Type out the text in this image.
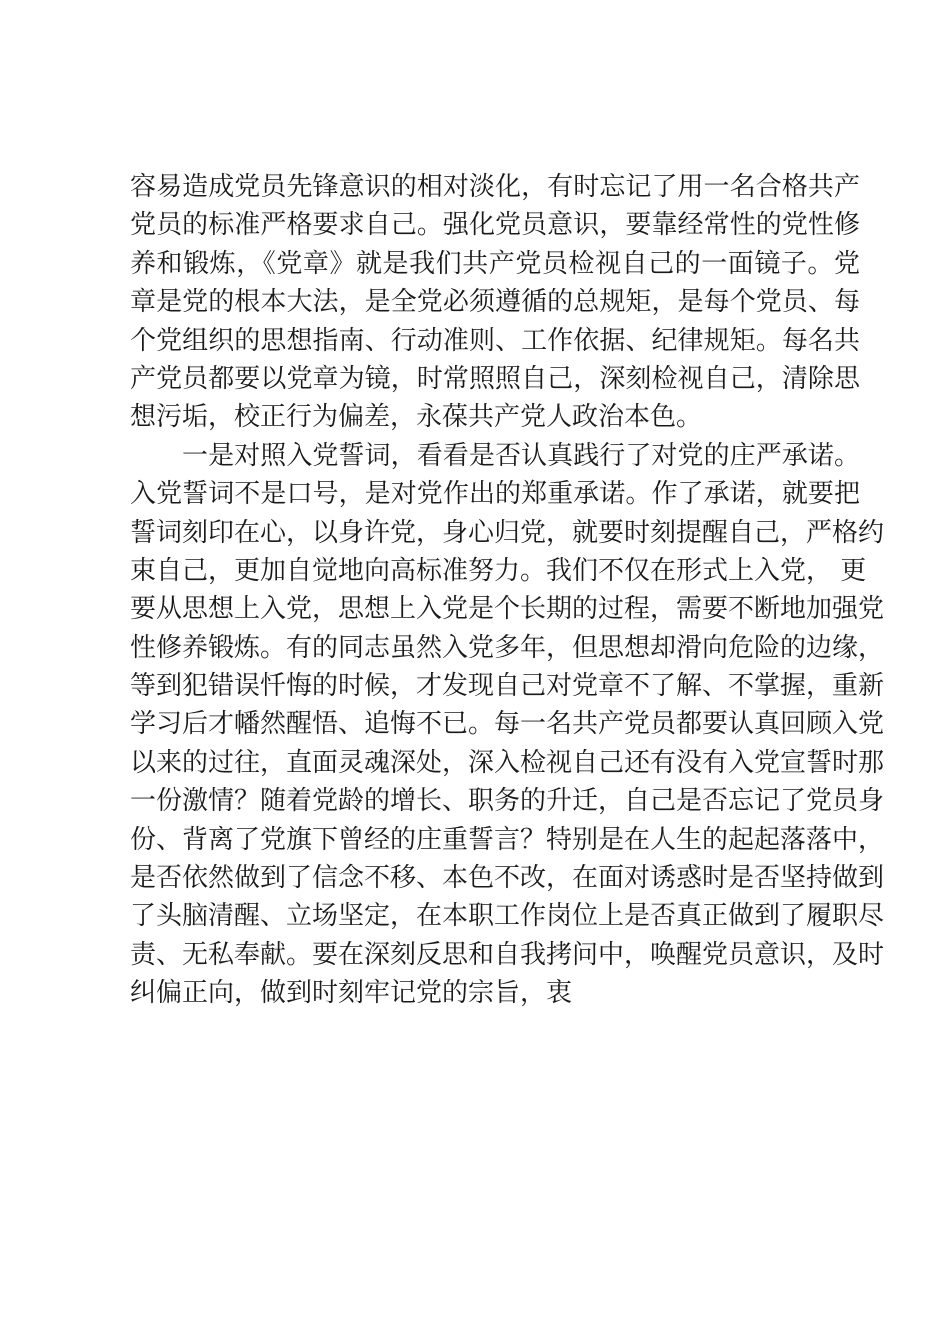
容易造成党员先锋意识的相对淡化，有时忘记了用一名合格共产
党员的标准严格要求自己。强化党员意识，要靠经常性的党性修
养和锻炼，《党章》就是我们共产党员检视自己的一面镜子。党
章是党的根本大法，是全党必须遵循的总规矩，是每个党员、每
个党组织的思想指南、行动准则、工作依据、纪律规矩。每名共
产党员都要以党章为镜，时常照照自己，深刻检视自己，清除思
想污垢，校正行为偏差，永葆共产党人政治本色。
一是对照入党誓词，看看是否认真践行了对党的庄严承诺。
入党誓词不是口号，是对党作出的郑重承诺。作了承诺，就要把
誓词刻印在心，以身许党，身心归党，就要时刻提醒自己，严格约
束自己，更加自觉地向高标准努力。我们不仅在形式上入党， 更
要从思想上入党，思想上入党是个长期的过程，需要不断地加强党
性修养锻炼。有的同志虽然入党多年，但思想却滑向危险的边缘，
等到犯错误忏悔的时候，才发现自己对党章不了解、不掌握，重新
学习后才幡然醒悟、追悔不已。每一名共产党员都要认真回顾入党
以来的过往，直面灵魂深处，深入检视自己还有没有入党宣誓时那
一份激情？随着党龄的增长、职务的升迁，自己是否忘记了党员身
份、背离了党旗下曾经的庄重誓言？特别是在人生的起起落落中，
是否依然做到了信念不移、本色不改，在面对诱惑时是否坚持做到
了头脑清醒、立场坚定，在本职工作岗位上是否真正做到了履职尽
责、无私奉献。要在深刻反思和自我拷问中，唤醒党员意识，及时
纠偏正向，做到时刻牢记党的宗旨，衷
